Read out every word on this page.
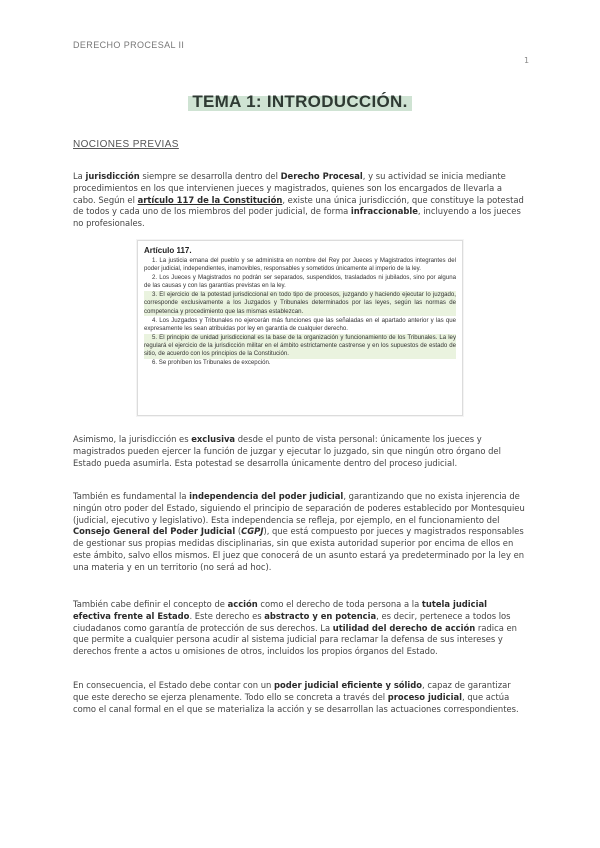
DERECHO PROCESAL II
1
TEMA 1: INTRODUCCIÓN.
NOCIONES PREVIAS

La jurisdicción siempre se desarrolla dentro del Derecho Procesal, y su actividad se inicia mediante procedimientos en los que intervienen jueces y magistrados, quienes son los encargados de llevarla a cabo. Según el artículo 117 de la Constitución, existe una única jurisdicción, que constituye la potestad de todos y cada uno de los miembros del poder judicial, de forma infraccionable, incluyendo a los jueces no profesionales.

Artículo 117.

1. La justicia emana del pueblo y se administra en nombre del Rey por Jueces y Magistrados integrantes del poder judicial, independientes, inamovibles, responsables y sometidos únicamente al imperio de la ley.

2. Los Jueces y Magistrados no podrán ser separados, suspendidos, trasladados ni jubilados, sino por alguna de las causas y con las garantías previstas en la ley.

3. El ejercicio de la potestad jurisdiccional en todo tipo de procesos, juzgando y haciendo ejecutar lo juzgado, corresponde exclusivamente a los Juzgados y Tribunales determinados por las leyes, según las normas de competencia y procedimiento que las mismas establezcan.

4. Los Juzgados y Tribunales no ejercerán más funciones que las señaladas en el apartado anterior y las que expresamente les sean atribuidas por ley en garantía de cualquier derecho.

5. El principio de unidad jurisdiccional es la base de la organización y funcionamiento de los Tribunales. La ley regulará el ejercicio de la jurisdicción militar en el ámbito estrictamente castrense y en los supuestos de estado de sitio, de acuerdo con los principios de la Constitución.

6. Se prohíben los Tribunales de excepción.

Asimismo, la jurisdicción es exclusiva desde el punto de vista personal: únicamente los jueces y magistrados pueden ejercer la función de juzgar y ejecutar lo juzgado, sin que ningún otro órgano del Estado pueda asumirla. Esta potestad se desarrolla únicamente dentro del proceso judicial.

También es fundamental la independencia del poder judicial, garantizando que no exista injerencia de ningún otro poder del Estado, siguiendo el principio de separación de poderes establecido por Montesquieu (judicial, ejecutivo y legislativo). Esta independencia se refleja, por ejemplo, en el funcionamiento del Consejo General del Poder Judicial (CGPJ), que está compuesto por jueces y magistrados responsables de gestionar sus propias medidas disciplinarias, sin que exista autoridad superior por encima de ellos en este ámbito, salvo ellos mismos. El juez que conocerá de un asunto estará ya predeterminado por la ley en una materia y en un territorio (no será ad hoc).

También cabe definir el concepto de acción como el derecho de toda persona a la tutela judicial efectiva frente al Estado. Este derecho es abstracto y en potencia, es decir, pertenece a todos los ciudadanos como garantía de protección de sus derechos. La utilidad del derecho de acción radica en que permite a cualquier persona acudir al sistema judicial para reclamar la defensa de sus intereses y derechos frente a actos u omisiones de otros, incluidos los propios órganos del Estado.

En consecuencia, el Estado debe contar con un poder judicial eficiente y sólido, capaz de garantizar que este derecho se ejerza plenamente. Todo ello se concreta a través del proceso judicial, que actúa como el canal formal en el que se materializa la acción y se desarrollan las actuaciones correspondientes.
